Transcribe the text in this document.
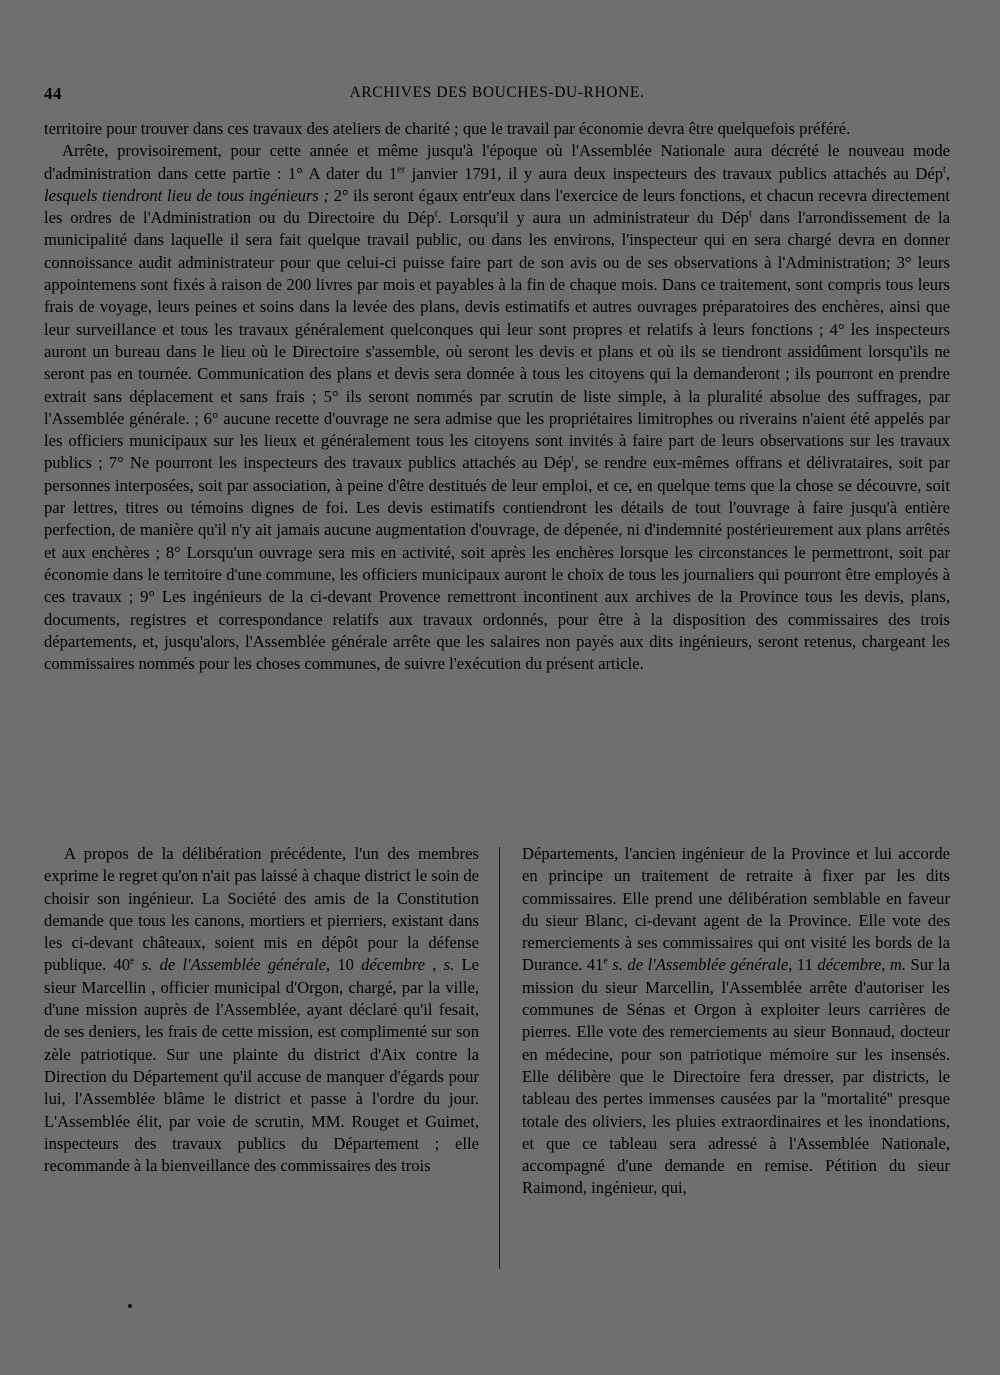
44	ARCHIVES DES BOUCHES-DU-RHONE.

territoire pour trouver dans ces travaux des ateliers de charité ; que le travail par économie devra être quelquefois préféré.

Arrête, provisoirement, pour cette année et même jusqu'à l'époque où l'Assemblée Nationale aura décrété le nouveau mode d'administration dans cette partie : 1° A dater du 1er janvier 1791, il y aura deux inspecteurs des travaux publics attachés au Dép$^t$, lesquels tiendront lieu de tous ingénieurs ; 2° ils seront égaux entr'eux dans l'exercice de leurs fonctions, et chacun recevra directement les ordres de l'Administration ou du Directoire du Dép$^t$. Lorsqu'il y aura un administrateur du Dép$^t$ dans l'arrondissement de la municipalité dans laquelle il sera fait quelque travail public, ou dans les environs, l'inspecteur qui en sera chargé devra en donner connoissance audit administrateur pour que celui-ci puisse faire part de son avis ou de ses observations à l'Administration; 3° leurs appointemens sont fixés à raison de 200 livres par mois et payables à la fin de chaque mois. Dans ce traitement, sont compris tous leurs frais de voyage, leurs peines et soins dans la levée des plans, devis estimatifs et autres ouvrages préparatoires des enchères, ainsi que leur surveillance et tous les travaux généralement quelconques qui leur sont propres et relatifs à leurs fonctions ; 4° les inspecteurs auront un bureau dans le lieu où le Directoire s'assemble, où seront les devis et plans et où ils se tiendront assidûment lorsqu'ils ne seront pas en tournée. Communication des plans et devis sera donnée à tous les citoyens qui la demanderont ; ils pourront en prendre extrait sans déplacement et sans frais ; 5° ils seront nommés par scrutin de liste simple, à la pluralité absolue des suffrages, par l'Assemblée générale. ; 6° aucune recette d'ouvrage ne sera admise que les propriétaires limitrophes ou riverains n'aient été appelés par les officiers municipaux sur les lieux et généralement tous les citoyens sont invités à faire part de leurs observations sur les travaux publics ; 7° Ne pourront les inspecteurs des travaux publics attachés au Dép$^t$, se rendre eux-mêmes offrans et délivrataires, soit par personnes interposées, soit par association, à peine d'être destitués de leur emploi, et ce, en quelque tems que la chose se découvre, soit par lettres, titres ou témoins dignes de foi. Les devis estimatifs contiendront les détails de tout l'ouvrage à faire jusqu'à entière perfection, de manière qu'il n'y ait jamais aucune augmentation d'ouvrage, de dépenée, ni d'indemnité postérieurement aux plans arrêtés et aux enchères ; 8° Lorsqu'un ouvrage sera mis en activité, soit après les enchères lorsque les circonstances le permettront, soit par économie dans le territoire d'une commune, les officiers municipaux auront le choix de tous les journaliers qui pourront être employés à ces travaux ; 9° Les ingénieurs de la ci-devant Provence remettront incontinent aux archives de la Province tous les devis, plans, documents, registres et correspondance relatifs aux travaux ordonnés, pour être à la disposition des commissaires des trois départements, et, jusqu'alors, l'Assemblée générale arrête que les salaires non payés aux dits ingénieurs, seront retenus, chargeant les commissaires nommés pour les choses communes, de suivre l'exécution du présent article.

A propos de la délibération précédente, l'un des membres exprime le regret qu'on n'ait pas laissé à chaque district le soin de choisir son ingénieur. La Société des amis de la Constitution demande que tous les canons, mortiers et pierriers, existant dans les ci-devant châteaux, soient mis en dépôt pour la défense publique. 40e s. de l'Assemblée générale, 10 décembre , s. Le sieur Marcellin , officier municipal d'Orgon, chargé, par la ville, d'une mission auprès de l'Assemblée, ayant déclaré qu'il fesait, de ses deniers, les frais de cette mission, est complimenté sur son zèle patriotique. Sur une plainte du district d'Aix contre la Direction du Département qu'il accuse de manquer d'égards pour lui, l'Assemblée blâme le district et passe à l'ordre du jour. L'Assemblée élit, par voie de scrutin, MM. Rouget et Guimet, inspecteurs des travaux publics du Département ; elle recommande à la bienveillance des commissaires des trois

Départements, l'ancien ingénieur de la Province et lui accorde en principe un traitement de retraite à fixer par les dits commissaires. Elle prend une délibération semblable en faveur du sieur Blanc, ci-devant agent de la Province. Elle vote des remerciements à ses commissaires qui ont visité les bords de la Durance. 41e s. de l'Assemblée générale, 11 décembre, m. Sur la mission du sieur Marcellin, l'Assemblée arrête d'autoriser les communes de Sénas et Orgon à exploiter leurs carrières de pierres. Elle vote des remerciements au sieur Bonnaud, docteur en médecine, pour son patriotique mémoire sur les insensés. Elle délibère que le Directoire fera dresser, par districts, le tableau des pertes immenses causées par la ''mortalité'' presque totale des oliviers, les pluies extraordinaires et les inondations, et que ce tableau sera adressé à l'Assemblée Nationale, accompagné d'une demande en remise. Pétition du sieur Raimond, ingénieur, qui,
